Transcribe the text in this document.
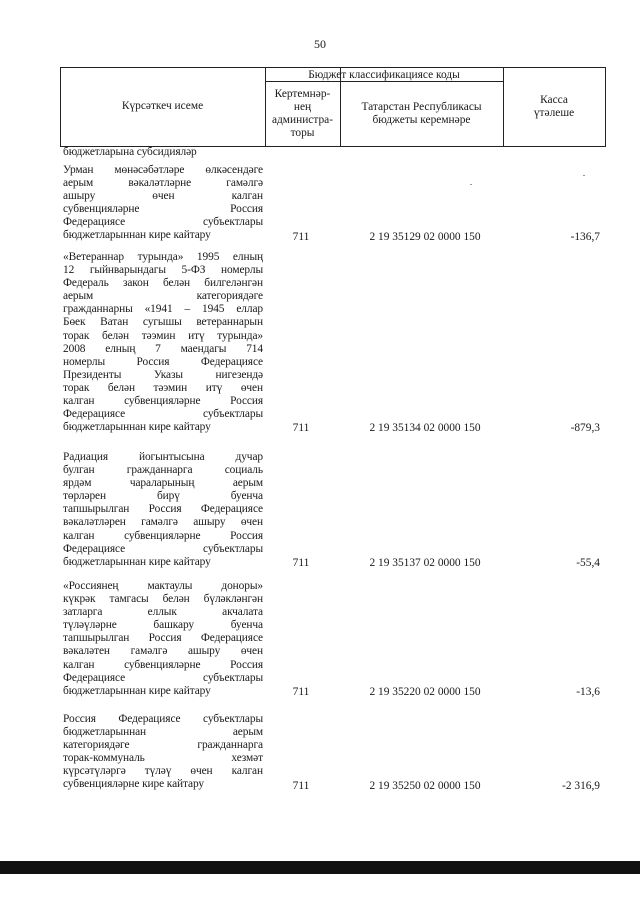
50
Күрсәткеч исеме
Бюджет классификациясе коды
Кертемнәр-
нең
администра-
торы
Татарстан Республикасы
бюджеты керемнәре
Касса
үтәлеше
бюджетларына субсидияләр
Урман мөнәсәбәтләре өлкәсендәге
аерым вәкаләтләрне гамәлгә
ашыру өчен калган
субвенцияләрне Россия
Федерациясе субъектлары
бюджетларыннан кире кайтару	711	2 19 35129 02 0000 150	-136,7
«Ветераннар турында» 1995 елның
12 гыйнварындагы 5-ФЗ номерлы
Федераль закон белән билгеләнгән
аерым категориядәге
гражданнарны «1941 – 1945 еллар
Бөек Ватан сугышы ветераннарын
торак белән тәэмин итү турында»
2008 елның 7 маендагы 714
номерлы Россия Федерациясе
Президенты Указы нигезендә
торак белән тәэмин итү өчен
калган субвенцияләрне Россия
Федерациясе субъектлары
бюджетларыннан кире кайтару	711	2 19 35134 02 0000 150	-879,3
Радиация йогынтысына дучар
булган гражданнарга социаль
ярдәм чараларының аерым
төрләрен бирү буенча
тапшырылган Россия Федерациясе
вәкаләтләрен гамәлгә ашыру өчен
калган субвенцияләрне Россия
Федерациясе субъектлары
бюджетларыннан кире кайтару	711	2 19 35137 02 0000 150	-55,4
«Россиянең мактаулы доноры»
күкрәк тамгасы белән бүләкләнгән
затларга еллык акчалата
түләүләрне башкару буенча
тапшырылган Россия Федерациясе
вәкаләтен гамәлгә ашыру өчен
калган субвенцияләрне Россия
Федерациясе субъектлары
бюджетларыннан кире кайтару	711	2 19 35220 02 0000 150	-13,6
Россия Федерациясе субъектлары
бюджетларыннан аерым
категориядәге гражданнарга
торак-коммуналь хезмәт
күрсәтүләргә түләү өчен калган
субвенцияләрне кире кайтару	711	2 19 35250 02 0000 150	-2 316,9
